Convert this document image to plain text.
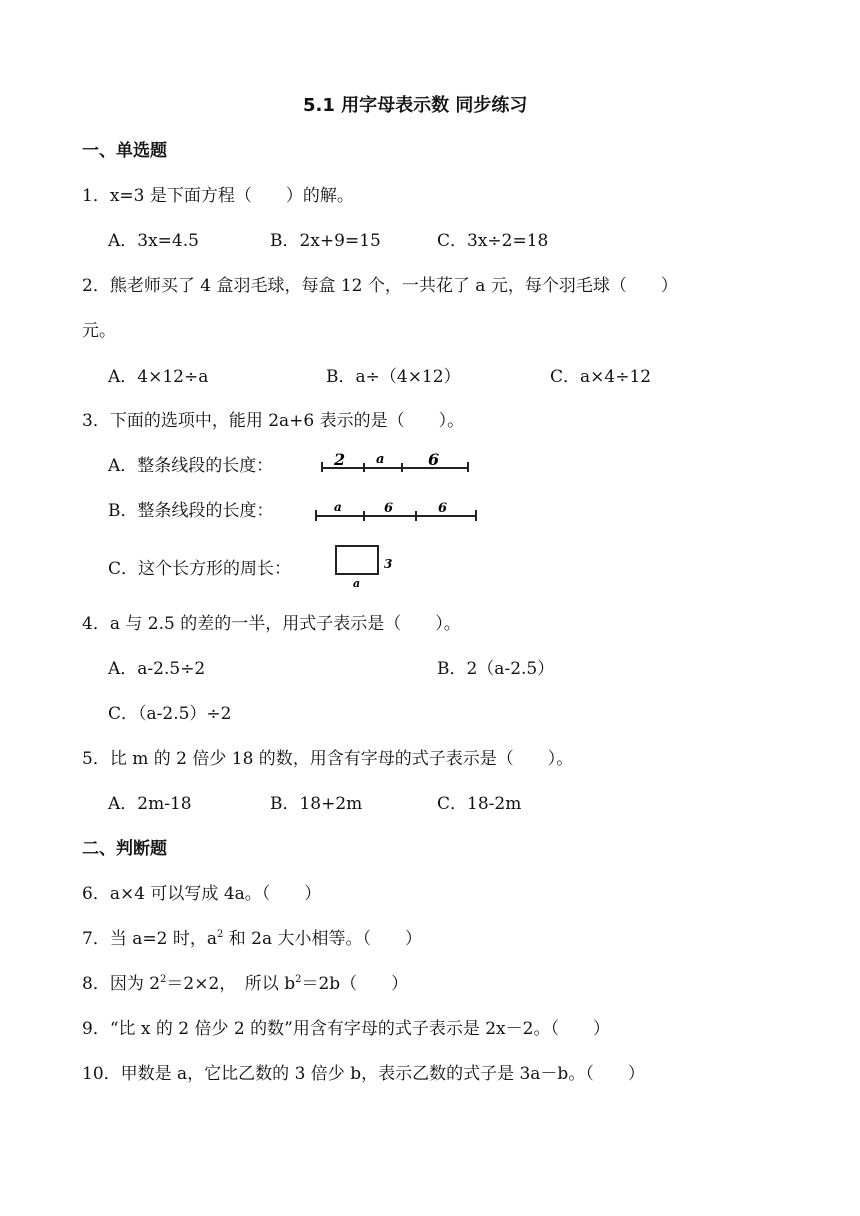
5.1 用字母表示数 同步练习
一、单选题
1．x=3 是下面方程（　　）的解。
A．3x=4.5	B．2x+9=15	C．3x÷2=18
2．熊老师买了 4 盒羽毛球，每盒 12 个，一共花了 a 元，每个羽毛球（　　）
元。
A．4×12÷a	B．a÷（4×12）	C．a×4÷12
3．下面的选项中，能用 2a+6 表示的是（　　）。
A．整条线段的长度：	2 a	6
B．整条线段的长度：	a	6	6
C．这个长方形的周长：	3
a
4．a 与 2.5 的差的一半，用式子表示是（　　）。
A．a-2.5÷2	B．2（a-2.5）
C．（a-2.5）÷2
5．比 m 的 2 倍少 18 的数，用含有字母的式子表示是（　　）。
A．2m-18	B．18+2m	C．18-2m
二、判断题
6．a×4 可以写成 4a。（　　）
7．当 a=2 时，$a^2$ 和 2a 大小相等。（　　）
8．因为 $2^2=2\times 2$，　所以 $b^2=2b$（　　）
9．“比 x 的 2 倍少 2 的数”用含有字母的式子表示是 2x－2。（　　）
10．甲数是 a，它比乙数的 3 倍少 b，表示乙数的式子是 3a－b。（　　）
